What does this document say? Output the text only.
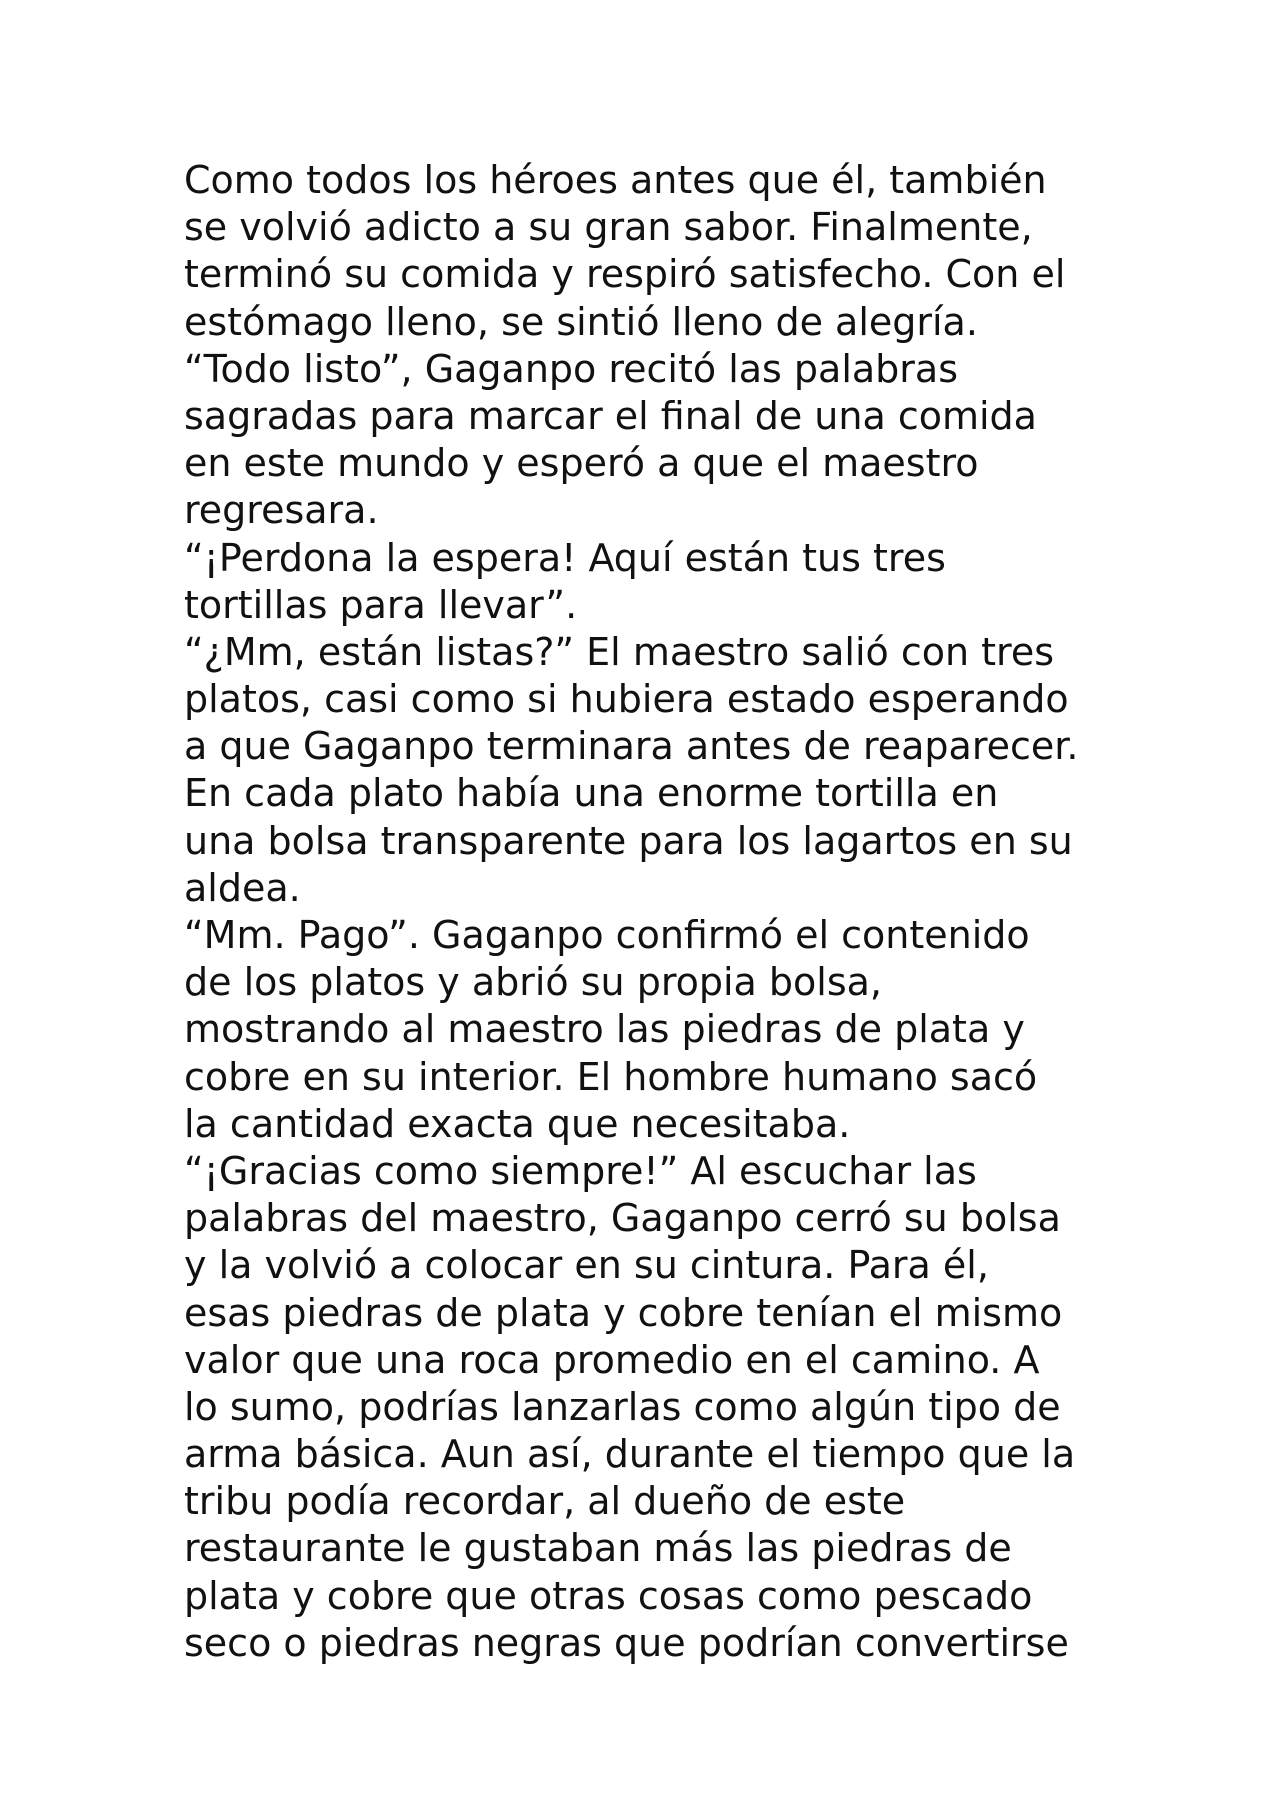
Como todos los héroes antes que él, también
se volvió adicto a su gran sabor. Finalmente,
terminó su comida y respiró satisfecho. Con el
estómago lleno, se sintió lleno de alegría.
“Todo listo”, Gaganpo recitó las palabras
sagradas para marcar el final de una comida
en este mundo y esperó a que el maestro
regresara.
“¡Perdona la espera! Aquí están tus tres
tortillas para llevar”.
“¿Mm, están listas?” El maestro salió con tres
platos, casi como si hubiera estado esperando
a que Gaganpo terminara antes de reaparecer.
En cada plato había una enorme tortilla en
una bolsa transparente para los lagartos en su
aldea.
“Mm. Pago”. Gaganpo confirmó el contenido
de los platos y abrió su propia bolsa,
mostrando al maestro las piedras de plata y
cobre en su interior. El hombre humano sacó
la cantidad exacta que necesitaba.
“¡Gracias como siempre!” Al escuchar las
palabras del maestro, Gaganpo cerró su bolsa
y la volvió a colocar en su cintura. Para él,
esas piedras de plata y cobre tenían el mismo
valor que una roca promedio en el camino. A
lo sumo, podrías lanzarlas como algún tipo de
arma básica. Aun así, durante el tiempo que la
tribu podía recordar, al dueño de este
restaurante le gustaban más las piedras de
plata y cobre que otras cosas como pescado
seco o piedras negras que podrían convertirse
